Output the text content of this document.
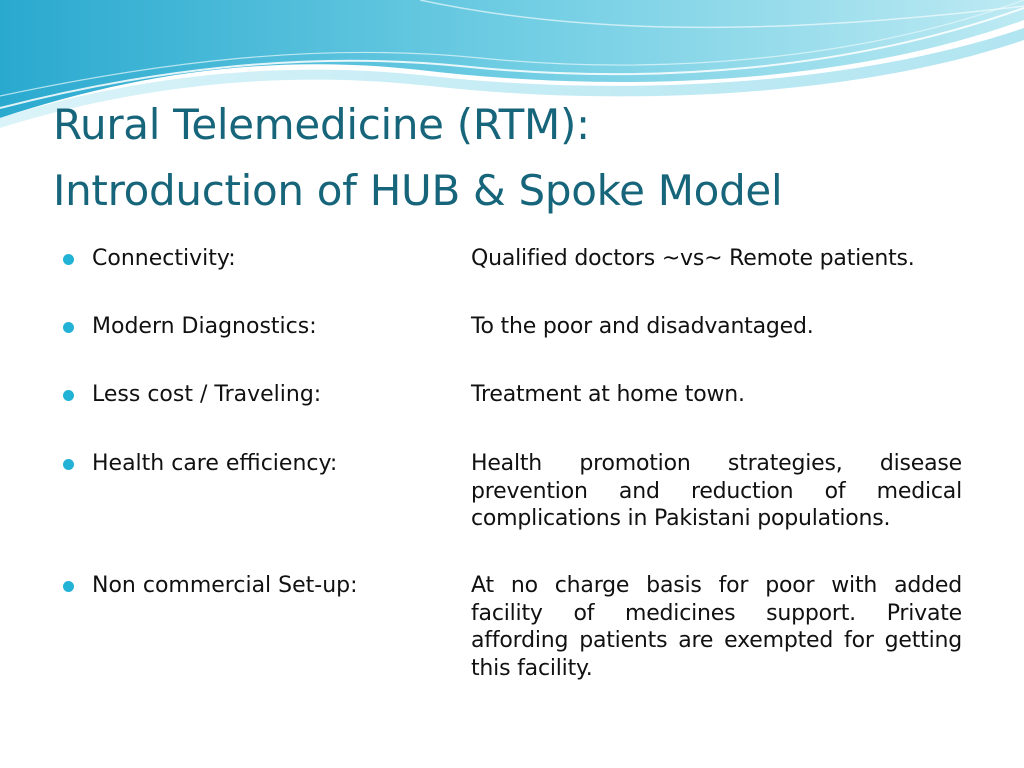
Rural Telemedicine (RTM):
Introduction of HUB & Spoke Model
Connectivity:	Qualified doctors ~vs~ Remote patients.
Modern Diagnostics:	To the poor and disadvantaged.
Less cost / Traveling:	Treatment at home town.
Health care efficiency:	Health promotion strategies, disease prevention and reduction of medical complications in Pakistani populations.
Non commercial Set-up:	At no charge basis for poor with added facility of medicines support. Private affording patients are exempted for getting this facility.
